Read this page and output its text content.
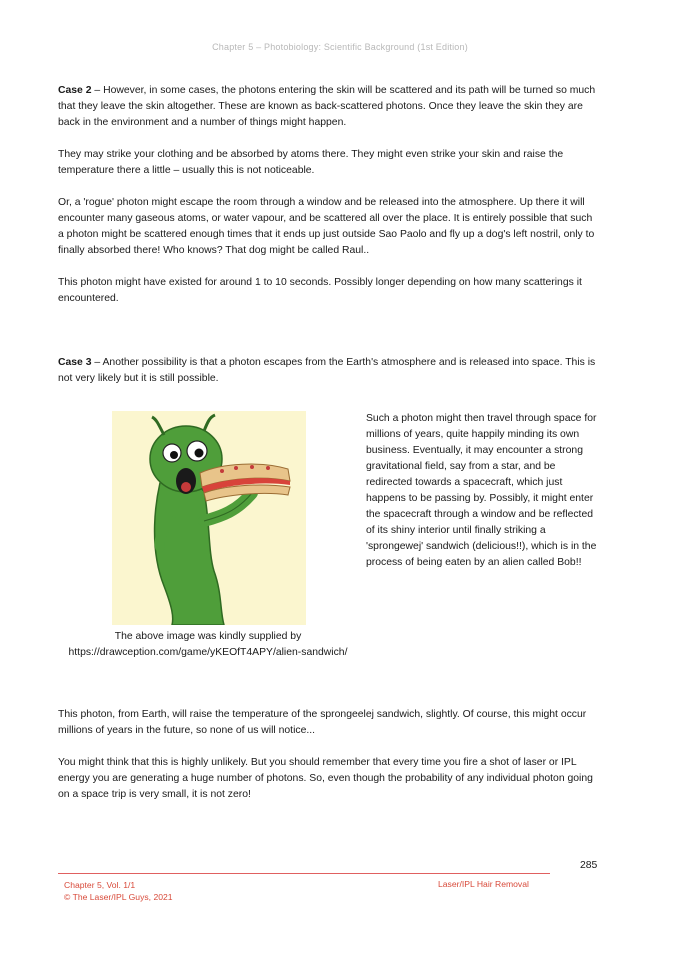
Chapter 5 – Photobiology: Scientific Background (1st Edition)

Case 2 – However, in some cases, the photons entering the skin will be scattered and its path will be turned so much that they leave the skin altogether. These are known as back-scattered photons. Once they leave the skin they are back in the environment and a number of things might happen.

They may strike your clothing and be absorbed by atoms there. They might even strike your skin and raise the temperature there a little – usually this is not noticeable.

Or, a 'rogue' photon might escape the room through a window and be released into the atmosphere. Up there it will encounter many gaseous atoms, or water vapour, and be scattered all over the place. It is entirely possible that such a photon might be scattered enough times that it ends up just outside Sao Paolo and fly up a dog's left nostril, only to finally absorbed there! Who knows? That dog might be called Raul..

This photon might have existed for around 1 to 10 seconds. Possibly longer depending on how many scatterings it encountered.

Case 3 – Another possibility is that a photon escapes from the Earth's atmosphere and is released into space. This is not very likely but it is still possible.

The above image was kindly supplied by https://drawception.com/game/yKEOfT4APY/alien-sandwich/
Such a photon might then travel through space for millions of years, quite happily minding its own business. Eventually, it may encounter a strong gravitational field, say from a star, and be redirected towards a spacecraft, which just happens to be passing by. Possibly, it might enter the spacecraft through a window and be reflected of its shiny interior until finally striking a 'sprongewej' sandwich (delicious!!), which is in the process of being eaten by an alien called Bob!!

This photon, from Earth, will raise the temperature of the sprongeelej sandwich, slightly. Of course, this might occur millions of years in the future, so none of us will notice...

You might think that this is highly unlikely. But you should remember that every time you fire a shot of laser or IPL energy you are generating a huge number of photons. So, even though the probability of any individual photon going on a space trip is very small, it is not zero!

285
Chapter 5, Vol. 1/1
© The Laser/IPL Guys, 2021
Laser/IPL Hair Removal
